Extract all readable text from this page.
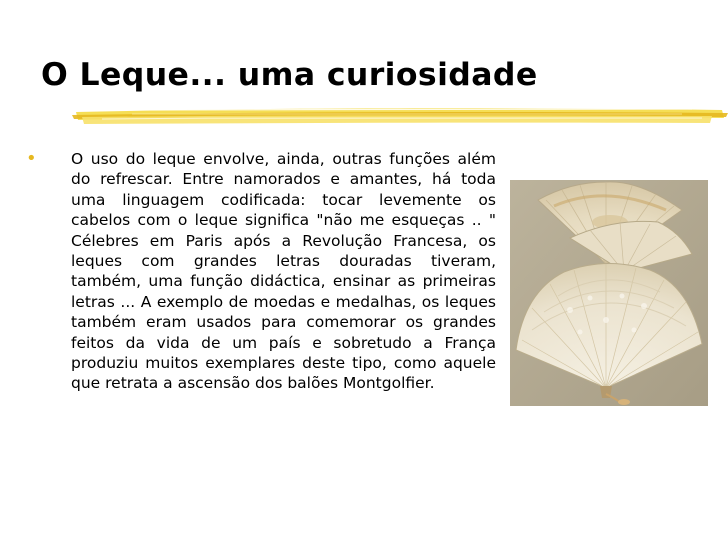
O Leque... uma curiosidade
•	O uso do leque envolve, ainda, outras funções além do refrescar. Entre namorados e amantes, há toda uma linguagem codificada: tocar levemente os cabelos com o leque significa "não me esqueças .. " Célebres em Paris após a Revolução Francesa, os leques com grandes letras douradas tiveram, também, uma função didáctica, ensinar as primeiras letras ... A exemplo de moedas e medalhas, os leques também eram usados para comemorar os grandes feitos da vida de um país e sobretudo a França produziu muitos exemplares deste tipo, como aquele que retrata a ascensão dos balões Montgolfier.
